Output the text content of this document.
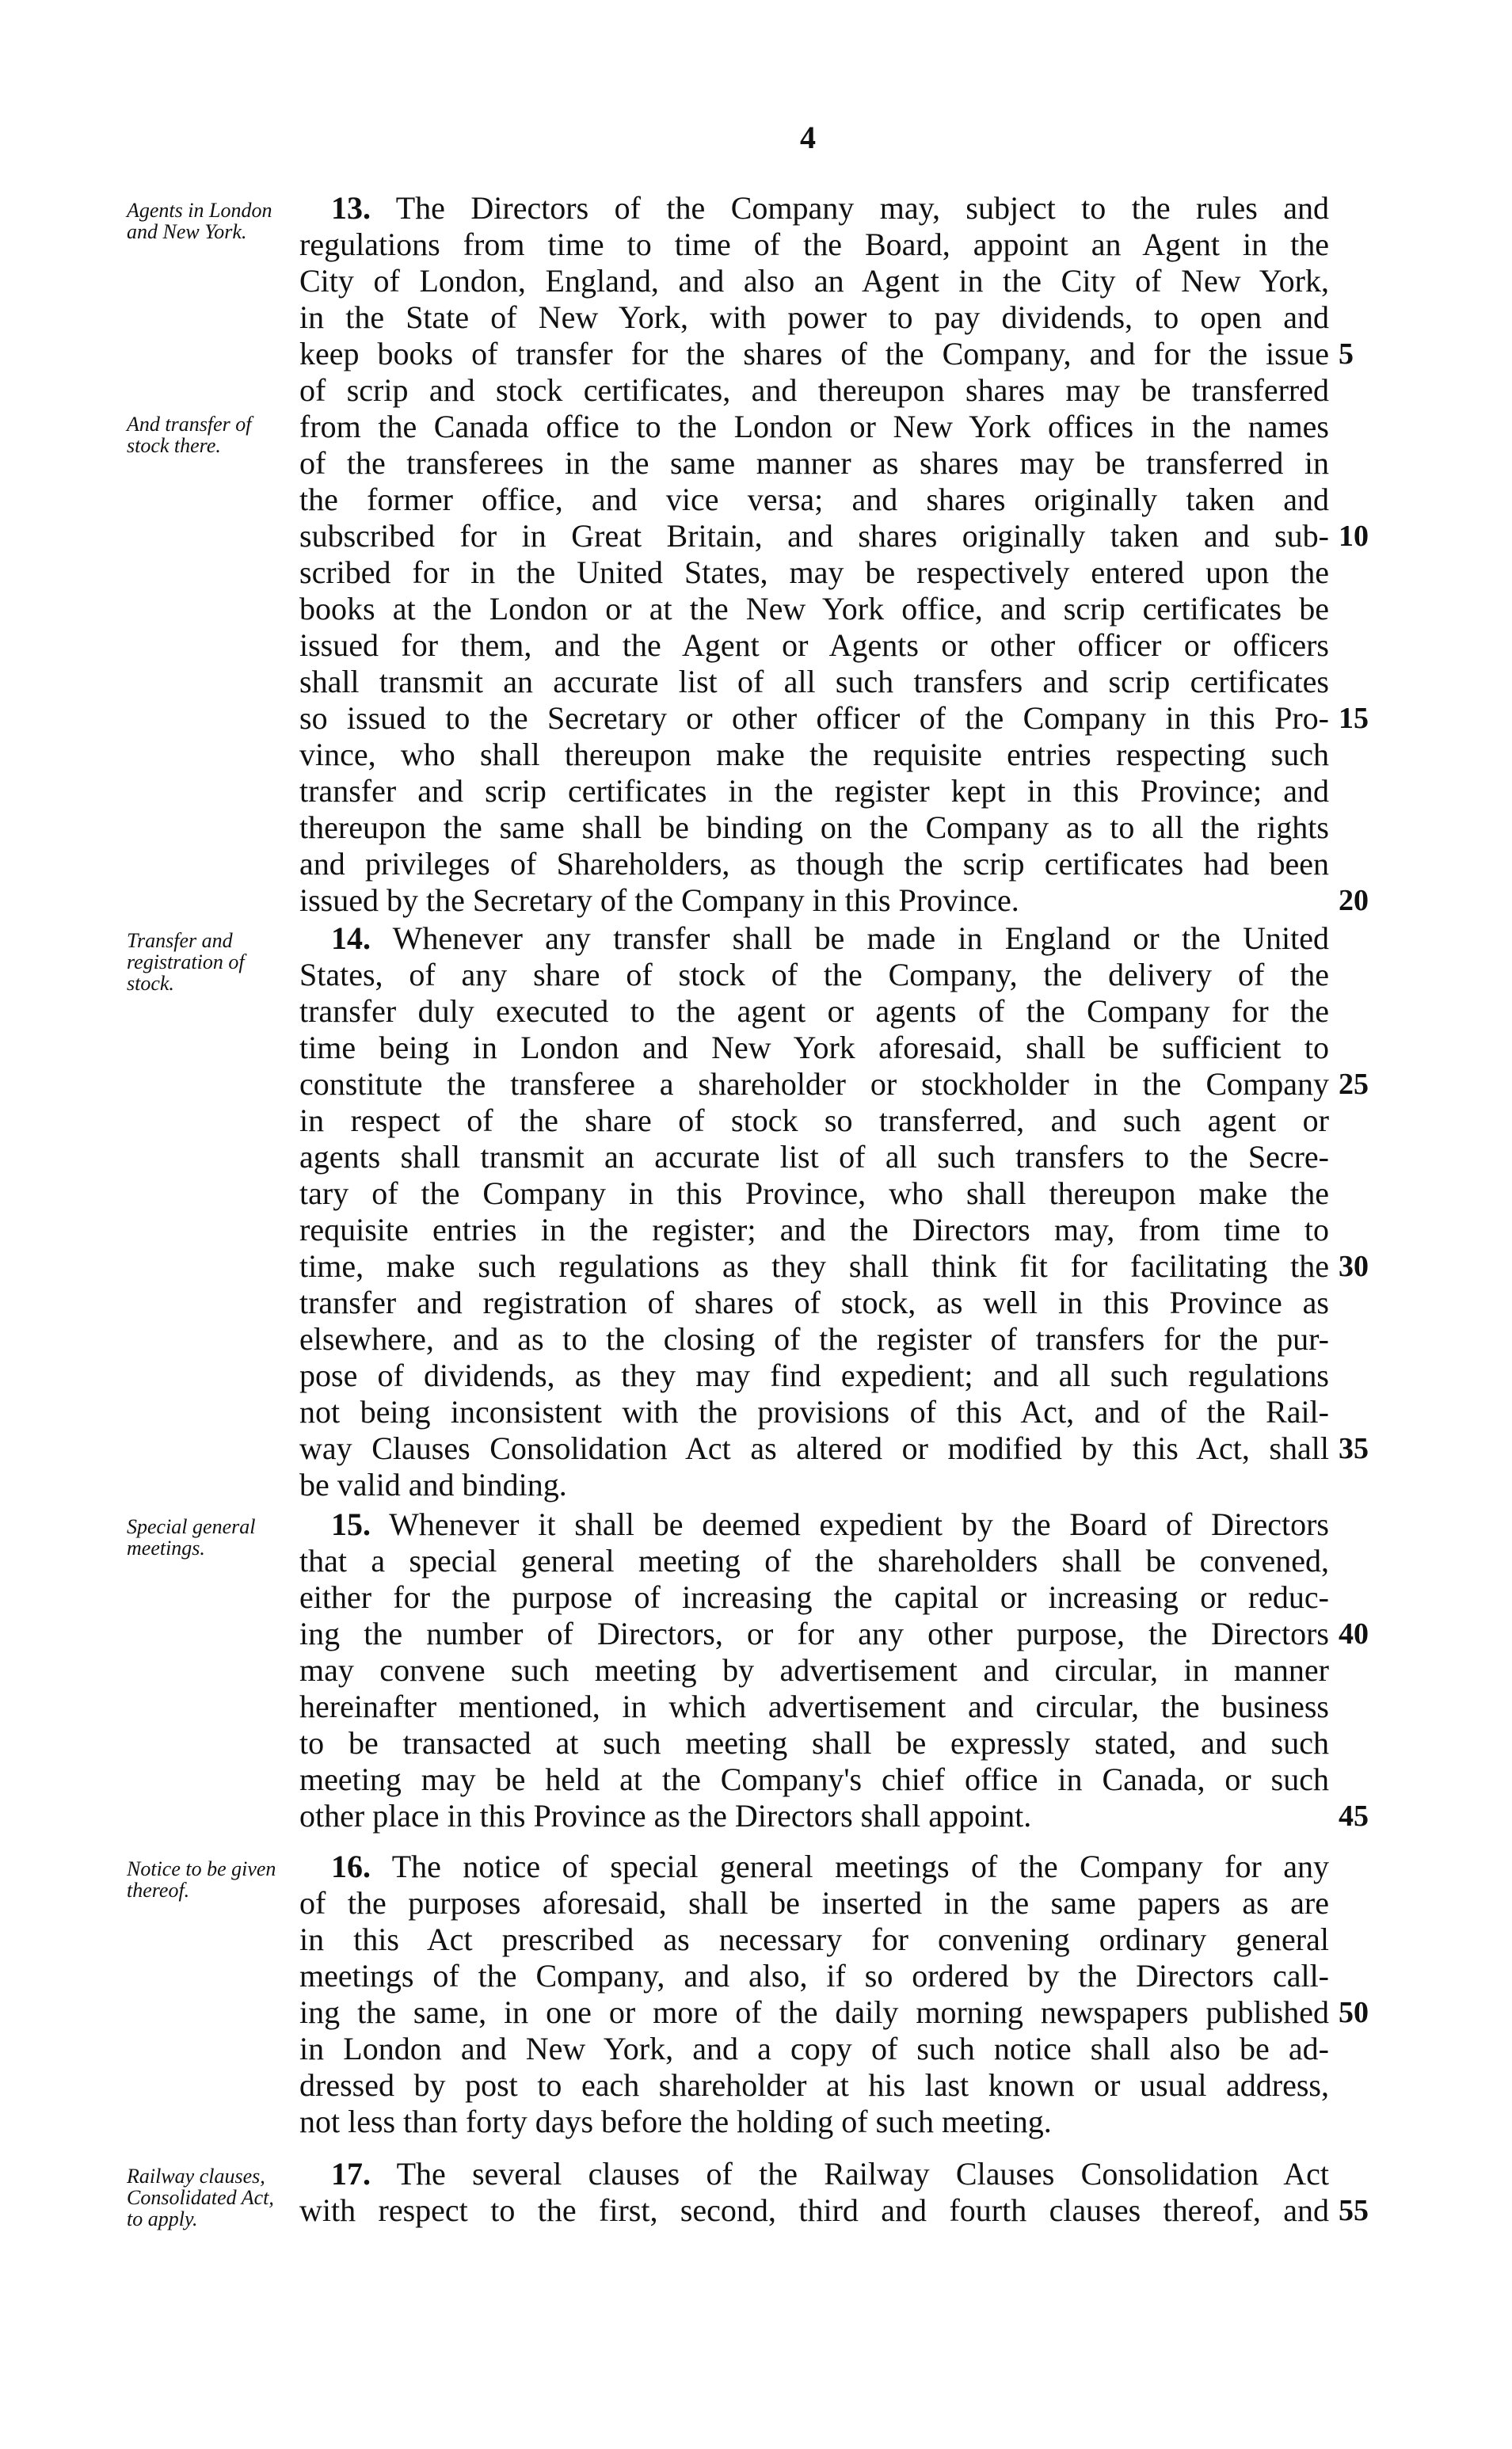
4
Agents in London and New York.
And transfer of stock there.
 13. The Directors of the Company may, subject to the rules and
regulations from time to time of the Board, appoint an Agent in the
City of London, England, and also an Agent in the City of New York,
in the State of New York, with power to pay dividends, to open and
keep books of transfer for the shares of the Company, and for the issue
of scrip and stock certificates, and thereupon shares may be transferred
from the Canada office to the London or New York offices in the names
of the transferees in the same manner as shares may be transferred in
the former office, and vice versa; and shares originally taken and
subscribed for in Great Britain, and shares originally taken and sub-
scribed for in the United States, may be respectively entered upon the
books at the London or at the New York office, and scrip certificates be
issued for them, and the Agent or Agents or other officer or officers
shall transmit an accurate list of all such transfers and scrip certificates
so issued to the Secretary or other officer of the Company in this Pro-
vince, who shall thereupon make the requisite entries respecting such
transfer and scrip certificates in the register kept in this Province; and
thereupon the same shall be binding on the Company as to all the rights
and privileges of Shareholders, as though the scrip certificates had been
issued by the Secretary of the Company in this Province.
5
10
15
20
Transfer and registration of stock.
 14. Whenever any transfer shall be made in England or the United
States, of any share of stock of the Company, the delivery of the
transfer duly executed to the agent or agents of the Company for the
time being in London and New York aforesaid, shall be sufficient to
constitute the transferee a shareholder or stockholder in the Company
in respect of the share of stock so transferred, and such agent or
agents shall transmit an accurate list of all such transfers to the Secre-
tary of the Company in this Province, who shall thereupon make the
requisite entries in the register; and the Directors may, from time to
time, make such regulations as they shall think fit for facilitating the
transfer and registration of shares of stock, as well in this Province as
elsewhere, and as to the closing of the register of transfers for the pur-
pose of dividends, as they may find expedient; and all such regulations
not being inconsistent with the provisions of this Act, and of the Rail-
way Clauses Consolidation Act as altered or modified by this Act, shall
be valid and binding.
25
30
35
Special general meetings.
 15. Whenever it shall be deemed expedient by the Board of Directors
that a special general meeting of the shareholders shall be convened,
either for the purpose of increasing the capital or increasing or reduc-
ing the number of Directors, or for any other purpose, the Directors
may convene such meeting by advertisement and circular, in manner
hereinafter mentioned, in which advertisement and circular, the business
to be transacted at such meeting shall be expressly stated, and such
meeting may be held at the Company's chief office in Canada, or such
other place in this Province as the Directors shall appoint.
40
45
Notice to be given thereof.
 16. The notice of special general meetings of the Company for any
of the purposes aforesaid, shall be inserted in the same papers as are
in this Act prescribed as necessary for convening ordinary general
meetings of the Company, and also, if so ordered by the Directors call-
ing the same, in one or more of the daily morning newspapers published
in London and New York, and a copy of such notice shall also be ad-
dressed by post to each shareholder at his last known or usual address,
not less than forty days before the holding of such meeting.
50
Railway clauses, Consolidated Act, to apply.
 17. The several clauses of the Railway Clauses Consolidation Act
with respect to the first, second, third and fourth clauses thereof, and 55
